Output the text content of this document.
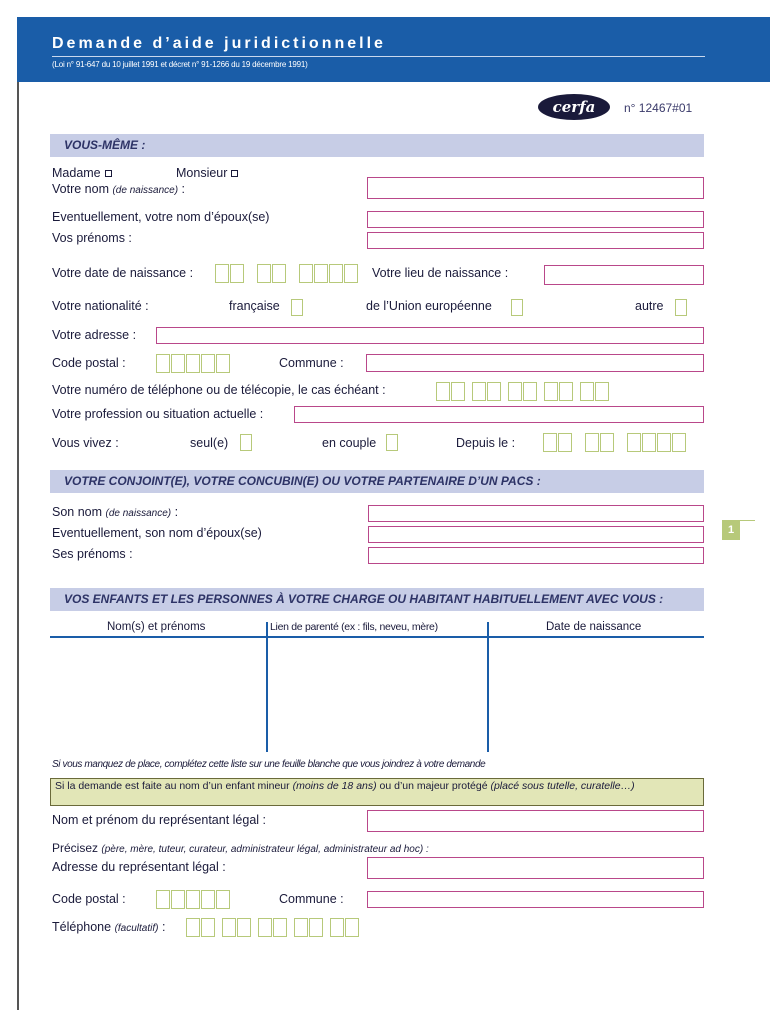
Demande d’aide juridictionnelle
(Loi n° 91-647 du 10 juillet 1991 et décret n° 91-1266 du 19 décembre 1991)
cerfa	n° 12467#01
VOUS-MÊME :
Madame	Monsieur
Votre nom (de naissance) :
Eventuellement, votre nom d’époux(se)
Vos prénoms :
Votre date de naissance :	Votre lieu de naissance :
Votre nationalité :	française	de l’Union européenne	autre
Votre adresse :
Code postal :	Commune :
Votre numéro de téléphone ou de télécopie, le cas échéant :
Votre profession ou situation actuelle :
Vous vivez :	seul(e)	en couple	Depuis le :
VOTRE CONJOINT(E), VOTRE CONCUBIN(E) OU VOTRE PARTENAIRE D’UN PACS :
Son nom (de naissance) :
Eventuellement, son nom d’époux(se)
Ses prénoms :
1
VOS ENFANTS ET LES PERSONNES À VOTRE CHARGE OU HABITANT HABITUELLEMENT AVEC VOUS :
Nom(s) et prénoms	Lien de parenté (ex : fils, neveu, mère)	Date de naissance
Si vous manquez de place, complétez cette liste sur une feuille blanche que vous joindrez à votre demande
Si la demande est faite au nom d’un enfant mineur (moins de 18 ans) ou d’un majeur protégé (placé sous tutelle, curatelle…)
Nom et prénom du représentant légal :
Précisez (père, mère, tuteur, curateur, administrateur légal, administrateur ad hoc) :
Adresse du représentant légal :
Code postal :	Commune :
Téléphone (facultatif) :
